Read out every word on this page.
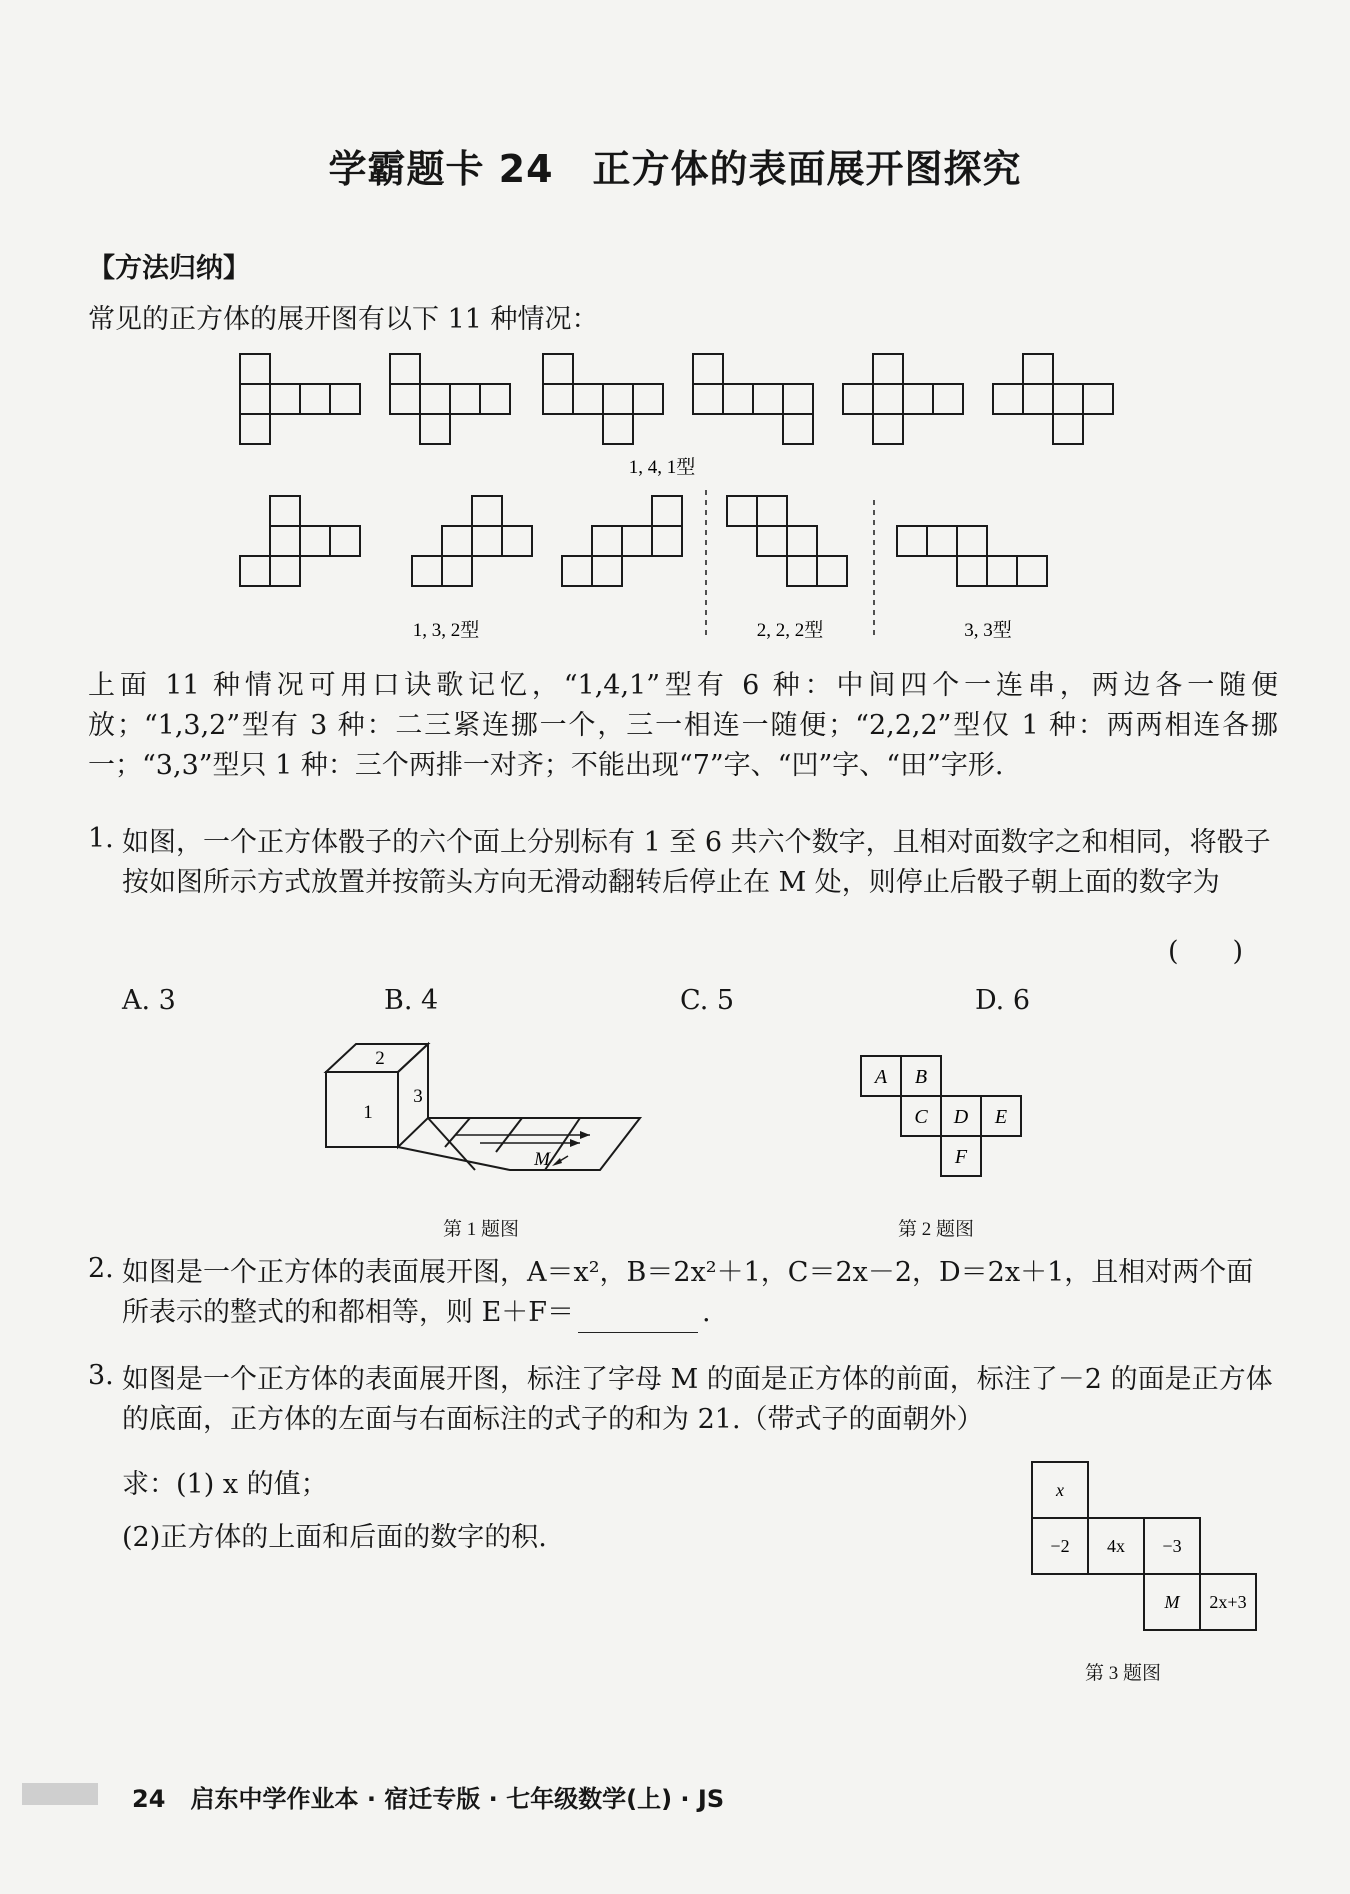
学霸题卡 24　正方体的表面展开图探究
【方法归纳】
常见的正方体的展开图有以下 11 种情况：
1, 4, 1型
1, 3, 2型	2, 2, 2型	3, 3型
上面 11 种情况可用口诀歌记忆，“1,4,1”型有 6 种：中间四个一连串，两边各一随便放；“1,3,2”型有 3 种：二三紧连挪一个，三一相连一随便；“2,2,2”型仅 1 种：两两相连各挪一；“3,3”型只 1 种：三个两排一对齐；不能出现“7”字、“凹”字、“田”字形.
1. 如图，一个正方体骰子的六个面上分别标有 1 至 6 共六个数字，且相对面数字之和相同，将骰子按如图所示方式放置并按箭头方向无滑动翻转后停止在 M 处，则停止后骰子朝上面的数字为
(　　)
A. 3	B. 4	C. 5	D. 6
2
1
3
M
第 1 题图
A B
C D E
F
第 2 题图
2. 如图是一个正方体的表面展开图，A＝x²，B＝2x²＋1，C＝2x－2，D＝2x＋1，且相对两个面所表示的整式的和都相等，则 E＋F＝	.
3. 如图是一个正方体的表面展开图，标注了字母 M 的面是正方体的前面，标注了－2 的面是正方体的底面，正方体的左面与右面标注的式子的和为 21.（带式子的面朝外）
求：(1) x 的值；
(2)正方体的上面和后面的数字的积.
x
−2 4x −3
M 2x+3
第 3 题图
24 启东中学作业本 · 宿迁专版 · 七年级数学(上) · JS
